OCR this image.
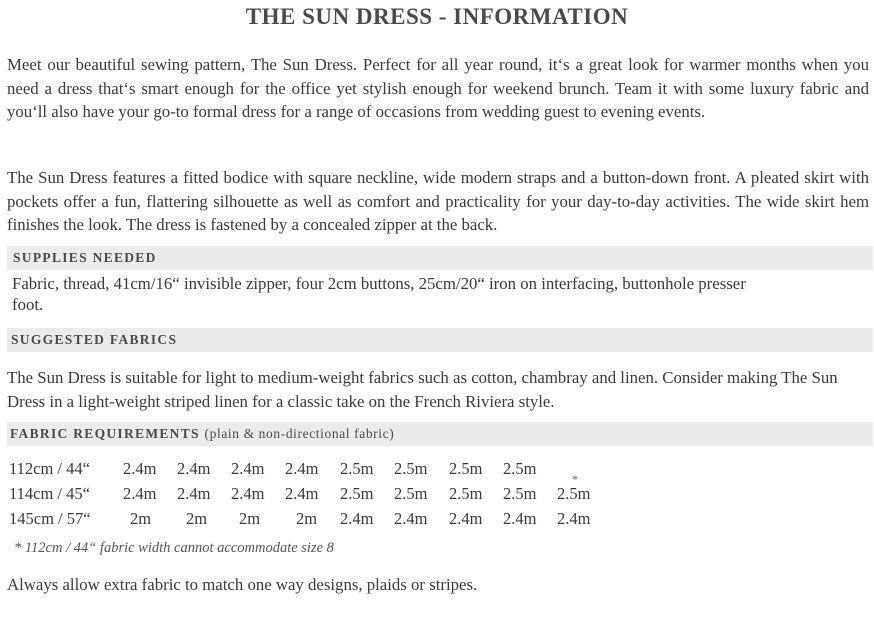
THE SUN DRESS - INFORMATION
Meet our beautiful sewing pattern, The Sun Dress. Perfect for all year round, it‘s a great look for warmer months when you need a dress that‘s smart enough for the office yet stylish enough for weekend brunch. Team it with some luxury fabric and you‘ll also have your go-to formal dress for a range of occasions from wedding guest to evening events.
The Sun Dress features a fitted bodice with square neckline, wide modern straps and a button-down front. A pleated skirt with pockets offer a fun, flattering silhouette as well as comfort and practicality for your day-to-day activities. The wide skirt hem finishes the look. The dress is fastened by a concealed zipper at the back.
SUPPLIES NEEDED
Fabric, thread, 41cm/16“ invisible zipper, four 2cm buttons, 25cm/20“ iron on interfacing, buttonhole presser foot.
SUGGESTED FABRICS
The Sun Dress is suitable for light to medium-weight fabrics such as cotton, chambray and linen. Consider making The Sun Dress in a light-weight striped linen for a classic take on the French Riviera style.
FABRIC REQUIREMENTS (plain & non-directional fabric)
112cm / 44“ 2.4m 2.4m 2.4m 2.4m 2.5m 2.5m 2.5m 2.5m
*
114cm / 45“ 2.4m 2.4m 2.4m 2.4m 2.5m 2.5m 2.5m 2.5m 2.5m
145cm / 57“ 2m 2m 2m 2m 2.4m 2.4m 2.4m 2.4m 2.4m
* 112cm / 44“ fabric width cannot accommodate size 8
Always allow extra fabric to match one way designs, plaids or stripes.
